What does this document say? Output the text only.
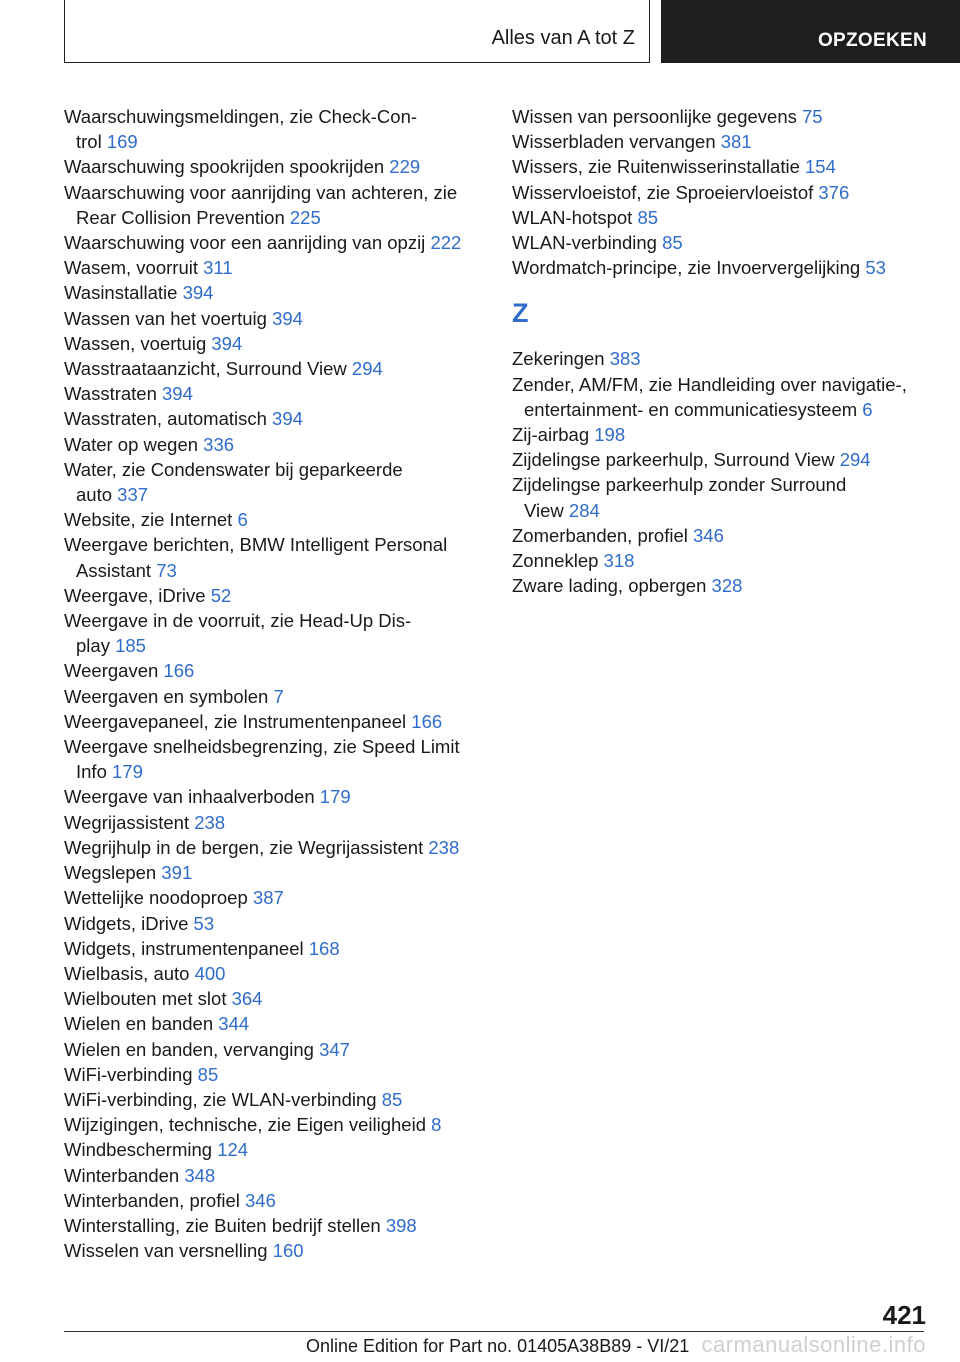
Alles van A tot Z	OPZOEKEN
Waarschuwingsmeldingen, zie Check-Con‐
trol 169
Waarschuwing spookrijden spookrijden 229
Waarschuwing voor aanrijding van achteren, zie Rear Collision Prevention 225
Waarschuwing voor een aanrijding van opzij 222
Wasem, voorruit 311
Wasinstallatie 394
Wassen van het voertuig 394
Wassen, voertuig 394
Wasstraataanzicht, Surround View 294
Wasstraten 394
Wasstraten, automatisch 394
Water op wegen 336
Water, zie Condenswater bij geparkeerde
auto 337
Website, zie Internet 6
Weergave berichten, BMW Intelligent Personal Assistant 73
Weergave, iDrive 52
Weergave in de voorruit, zie Head-Up Dis‐
play 185
Weergaven 166
Weergaven en symbolen 7
Weergavepaneel, zie Instrumentenpaneel 166
Weergave snelheidsbegrenzing, zie Speed Limit Info 179
Weergave van inhaalverboden 179
Wegrijassistent 238
Wegrijhulp in de bergen, zie Wegrijassistent 238
Wegslepen 391
Wettelijke noodoproep 387
Widgets, iDrive 53
Widgets, instrumentenpaneel 168
Wielbasis, auto 400
Wielbouten met slot 364
Wielen en banden 344
Wielen en banden, vervanging 347
WiFi-verbinding 85
WiFi-verbinding, zie WLAN-verbinding 85
Wijzigingen, technische, zie Eigen veiligheid 8
Windbescherming 124
Winterbanden 348
Winterbanden, profiel 346
Winterstalling, zie Buiten bedrijf stellen 398
Wisselen van versnelling 160
Wissen van persoonlijke gegevens 75
Wisserbladen vervangen 381
Wissers, zie Ruitenwisserinstallatie 154
Wisservloeistof, zie Sproeiervloeistof 376
WLAN-hotspot 85
WLAN-verbinding 85
Wordmatch-principe, zie Invoervergelijking 53
Z
Zekeringen 383
Zender, AM/FM, zie Handleiding over navigatie-, entertainment- en communicatiesysteem 6
Zij-airbag 198
Zijdelingse parkeerhulp, Surround View 294
Zijdelingse parkeerhulp zonder Surround
View 284
Zomerbanden, profiel 346
Zonneklep 318
Zware lading, opbergen 328
421
Online Edition for Part no. 01405A38B89 - VI/21 carmanualsonline.info
